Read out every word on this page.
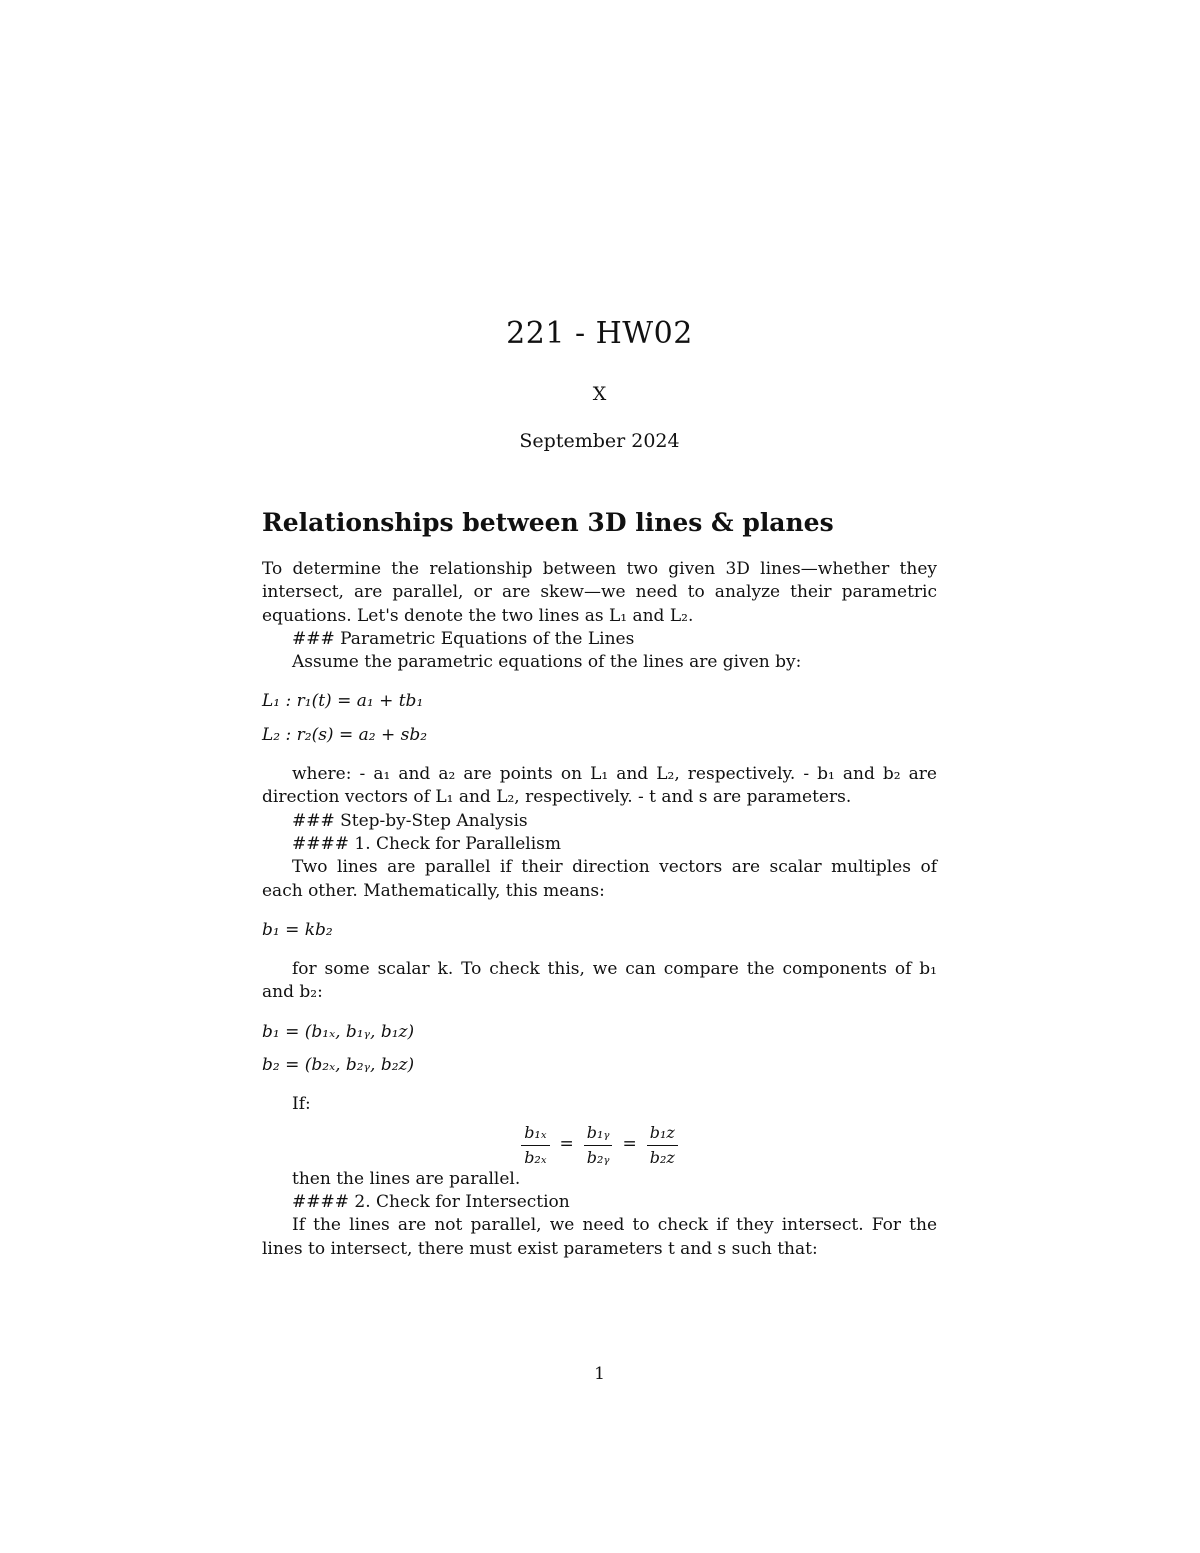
221 - HW02
X
September 2024
Relationships between 3D lines & planes

To determine the relationship between two given 3D lines—whether they intersect, are parallel, or are skew—we need to analyze their parametric equations. Let's denote the two lines as L₁ and L₂.

### Parametric Equations of the Lines

Assume the parametric equations of the lines are given by:

L₁ : r₁(t) = a₁ + tb₁

L₂ : r₂(s) = a₂ + sb₂

where: - a₁ and a₂ are points on L₁ and L₂, respectively. - b₁ and b₂ are direction vectors of L₁ and L₂, respectively. - t and s are parameters.

### Step-by-Step Analysis

#### 1. Check for Parallelism

Two lines are parallel if their direction vectors are scalar multiples of each other. Mathematically, this means:

b₁ = kb₂

for some scalar k. To check this, we can compare the components of b₁ and b₂:

b₁ = (b₁ₓ, b₁ᵧ, b₁z)

b₂ = (b₂ₓ, b₂ᵧ, b₂z)

If:

$\frac{\text{b₁ₓ}}{\text{b₂ₓ}} = \frac{\text{b₁ᵧ}}{\text{b₂ᵧ}} = \frac{\text{b₁z}}{\text{b₂z}}$

then the lines are parallel.

#### 2. Check for Intersection

If the lines are not parallel, we need to check if they intersect. For the lines to intersect, there must exist parameters t and s such that:

1
